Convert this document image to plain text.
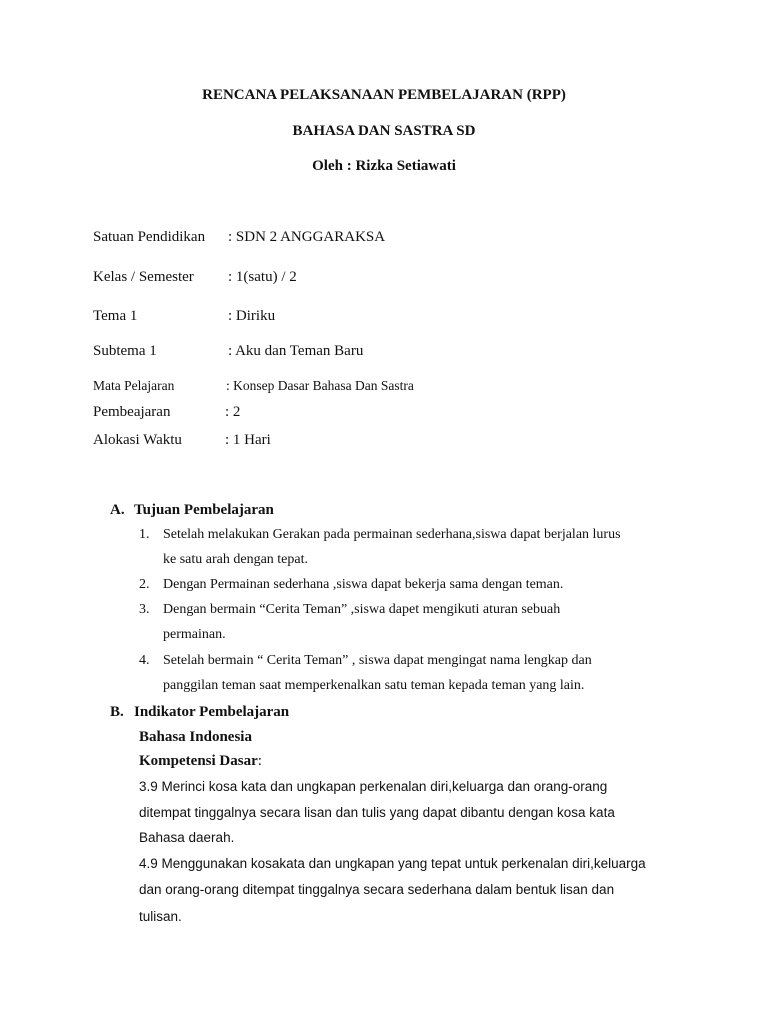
RENCANA PELAKSANAAN PEMBELAJARAN (RPP)
BAHASA DAN SASTRA SD
Oleh : Rizka Setiawati
Satuan Pendidikan : SDN 2 ANGGARAKSA
Kelas / Semester : 1(satu) / 2
Tema 1	: Diriku
Subtema 1	: Aku dan Teman Baru
Mata Pelajaran	: Konsep Dasar Bahasa Dan Sastra
Pembeajaran	: 2
Alokasi Waktu	: 1 Hari
A. Tujuan Pembelajaran
1. Setelah melakukan Gerakan pada permainan sederhana,siswa dapat berjalan lurus
ke satu arah dengan tepat.
2. Dengan Permainan sederhana ,siswa dapat bekerja sama dengan teman.
3. Dengan bermain “Cerita Teman” ,siswa dapet mengikuti aturan sebuah
permainan.
4. Setelah bermain “ Cerita Teman” , siswa dapat mengingat nama lengkap dan
panggilan teman saat memperkenalkan satu teman kepada teman yang lain.
B. Indikator Pembelajaran
Bahasa Indonesia
Kompetensi Dasar:
3.9 Merinci kosa kata dan ungkapan perkenalan diri,keluarga dan orang-orang
ditempat tinggalnya secara lisan dan tulis yang dapat dibantu dengan kosa kata
Bahasa daerah.
4.9 Menggunakan kosakata dan ungkapan yang tepat untuk perkenalan diri,keluarga
dan orang-orang ditempat tinggalnya secara sederhana dalam bentuk lisan dan
tulisan.
